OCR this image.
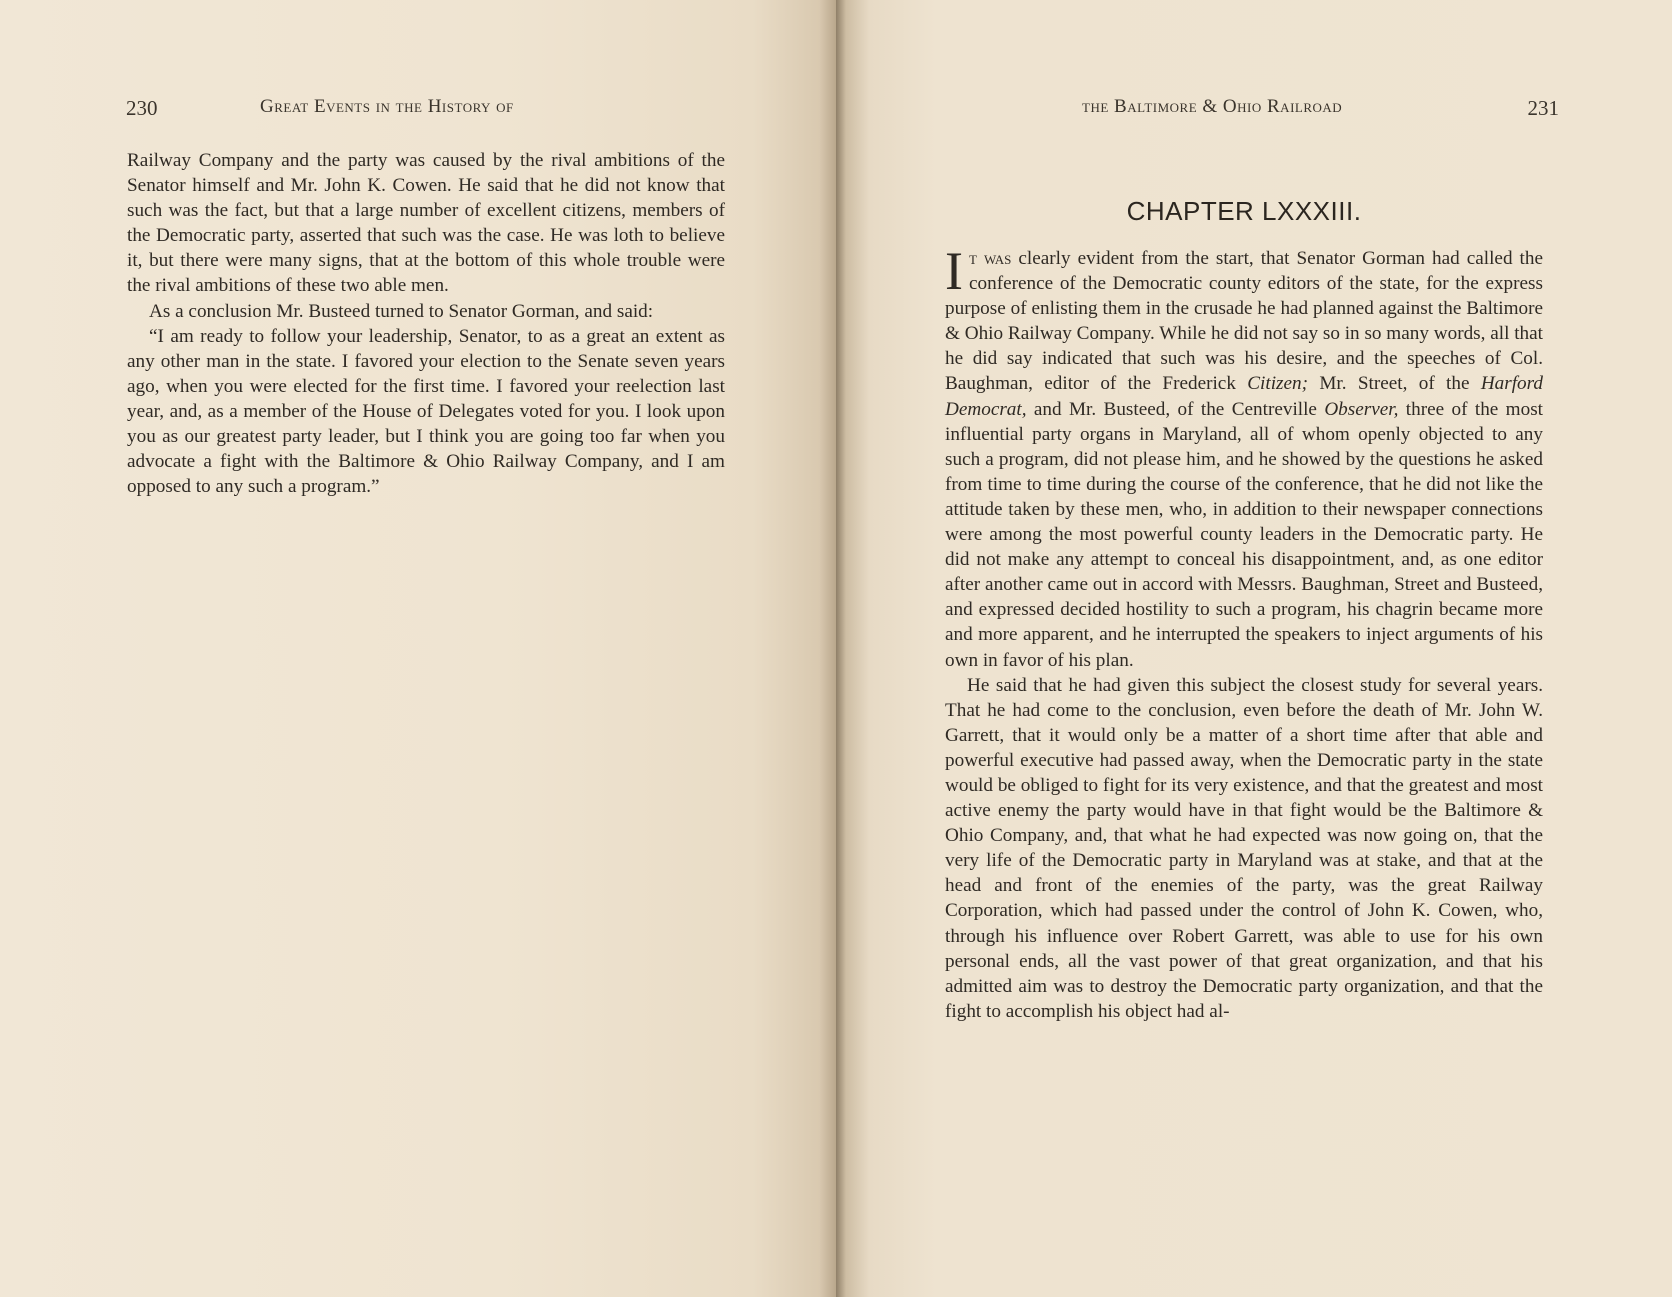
230	Great Events in the History of

Railway Company and the party was caused by the rival ambitions of the Senator himself and Mr. John K. Cowen. He said that he did not know that such was the fact, but that a large number of excellent citizens, members of the Democratic party, asserted that such was the case. He was loth to believe it, but there were many signs, that at the bottom of this whole trouble were the rival ambitions of these two able men.

As a conclusion Mr. Busteed turned to Senator Gorman, and said:

“I am ready to follow your leadership, Senator, to as a great an extent as any other man in the state. I favored your election to the Senate seven years ago, when you were elected for the first time. I favored your reelection last year, and, as a member of the House of Delegates voted for you. I look upon you as our greatest party leader, but I think you are going too far when you advocate a fight with the Baltimore & Ohio Railway Company, and I am opposed to any such a program.”

the Baltimore & Ohio Railroad	231
CHAPTER LXXXIII.

It was clearly evident from the start, that Senator Gorman had called the conference of the Democratic county editors of the state, for the express purpose of enlisting them in the crusade he had planned against the Baltimore & Ohio Railway Company. While he did not say so in so many words, all that he did say indicated that such was his desire, and the speeches of Col. Baughman, editor of the Frederick Citizen; Mr. Street, of the Harford Democrat, and Mr. Busteed, of the Centreville Observer, three of the most influential party organs in Maryland, all of whom openly objected to any such a program, did not please him, and he showed by the questions he asked from time to time during the course of the conference, that he did not like the attitude taken by these men, who, in addition to their newspaper connections were among the most powerful county leaders in the Democratic party. He did not make any attempt to conceal his disappointment, and, as one editor after another came out in accord with Messrs. Baughman, Street and Busteed, and expressed decided hostility to such a program, his chagrin became more and more apparent, and he interrupted the speakers to inject arguments of his own in favor of his plan.

He said that he had given this subject the closest study for several years. That he had come to the conclusion, even before the death of Mr. John W. Garrett, that it would only be a matter of a short time after that able and powerful executive had passed away, when the Democratic party in the state would be obliged to fight for its very existence, and that the greatest and most active enemy the party would have in that fight would be the Baltimore & Ohio Company, and, that what he had expected was now going on, that the very life of the Democratic party in Maryland was at stake, and that at the head and front of the enemies of the party, was the great Railway Corporation, which had passed under the control of John K. Cowen, who, through his influence over Robert Garrett, was able to use for his own personal ends, all the vast power of that great organization, and that his admitted aim was to destroy the Democratic party organization, and that the fight to accomplish his object had al-
